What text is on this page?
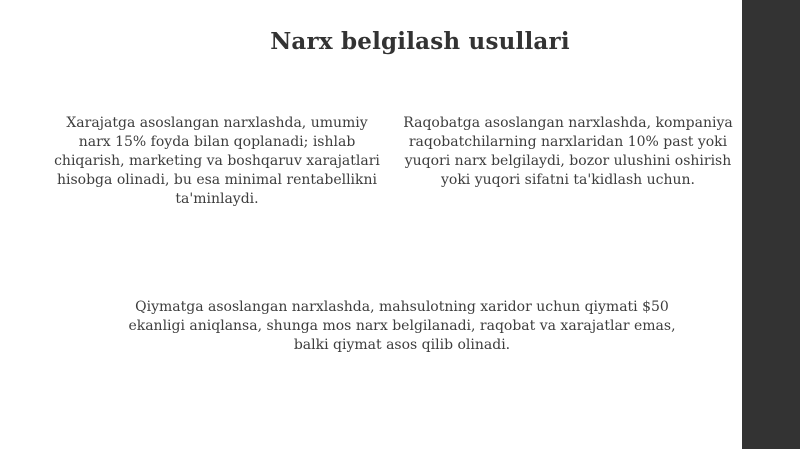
Narx belgilash usullari
Xarajatga asoslangan narxlashda, umumiy narx 15% foyda bilan qoplanadi; ishlab chiqarish, marketing va boshqaruv xarajatlari hisobga olinadi, bu esa minimal rentabellikni ta'minlaydi.
Raqobatga asoslangan narxlashda, kompaniya raqobatchilarning narxlaridan 10% past yoki yuqori narx belgilaydi, bozor ulushini oshirish yoki yuqori sifatni ta'kidlash uchun.
Qiymatga asoslangan narxlashda, mahsulotning xaridor uchun qiymati $50 ekanligi aniqlansa, shunga mos narx belgilanadi, raqobat va xarajatlar emas, balki qiymat asos qilib olinadi.
